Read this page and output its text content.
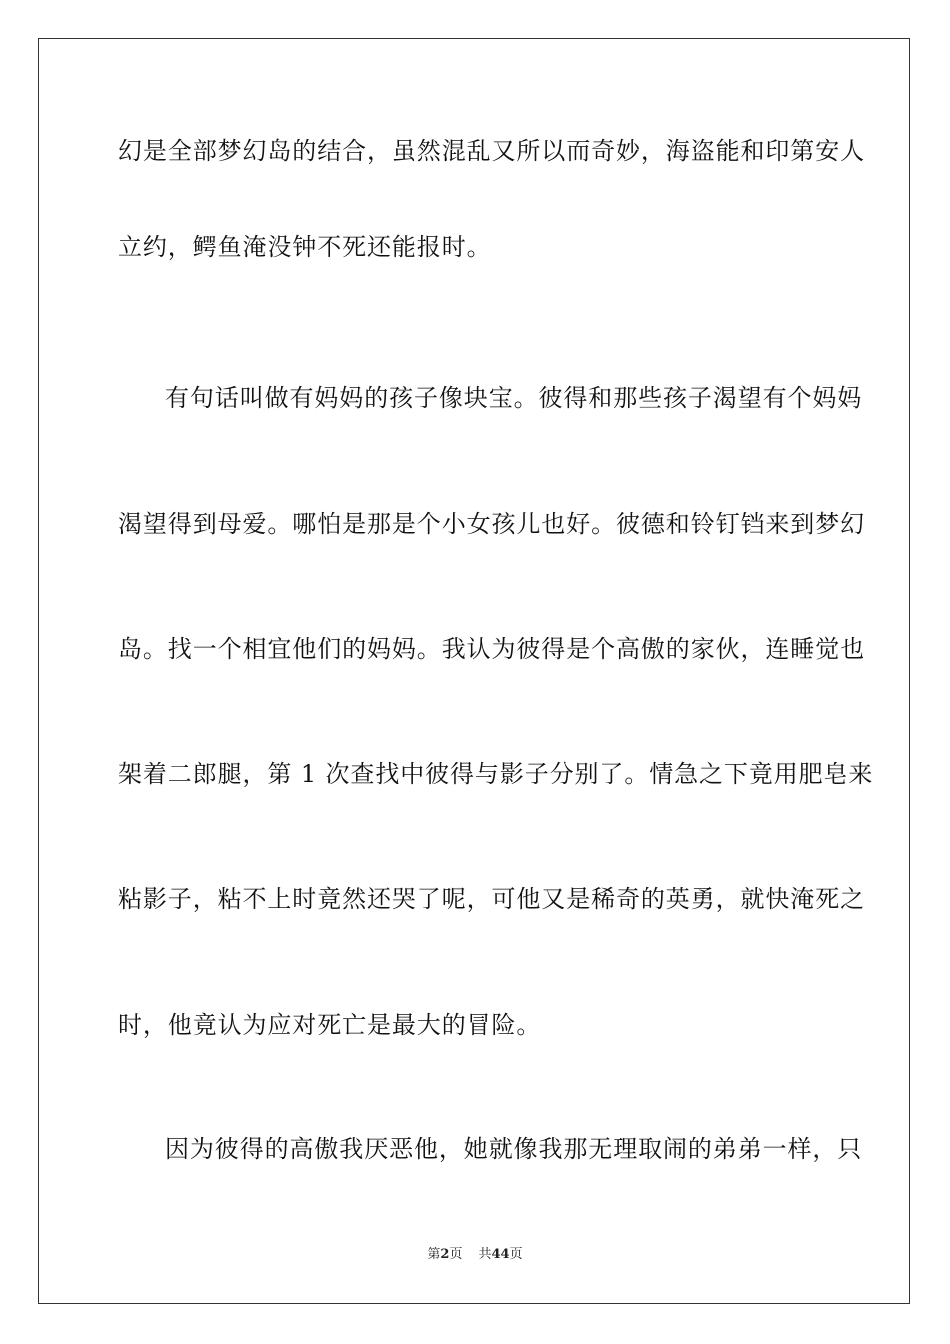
幻是全部梦幻岛的结合，虽然混乱又所以而奇妙，海盗能和印第安人
立约，鳄鱼淹没钟不死还能报时。
有句话叫做有妈妈的孩子像块宝。彼得和那些孩子渴望有个妈妈
渴望得到母爱。哪怕是那是个小女孩儿也好。彼德和铃钉铛来到梦幻
岛。找一个相宜他们的妈妈。我认为彼得是个高傲的家伙，连睡觉也
架着二郎腿，第 1 次查找中彼得与影子分别了。情急之下竟用肥皂来
粘影子，粘不上时竟然还哭了呢，可他又是稀奇的英勇，就快淹死之
时，他竟认为应对死亡是最大的冒险。
因为彼得的高傲我厌恶他，她就像我那无理取闹的弟弟一样，只
第2页 共44页
